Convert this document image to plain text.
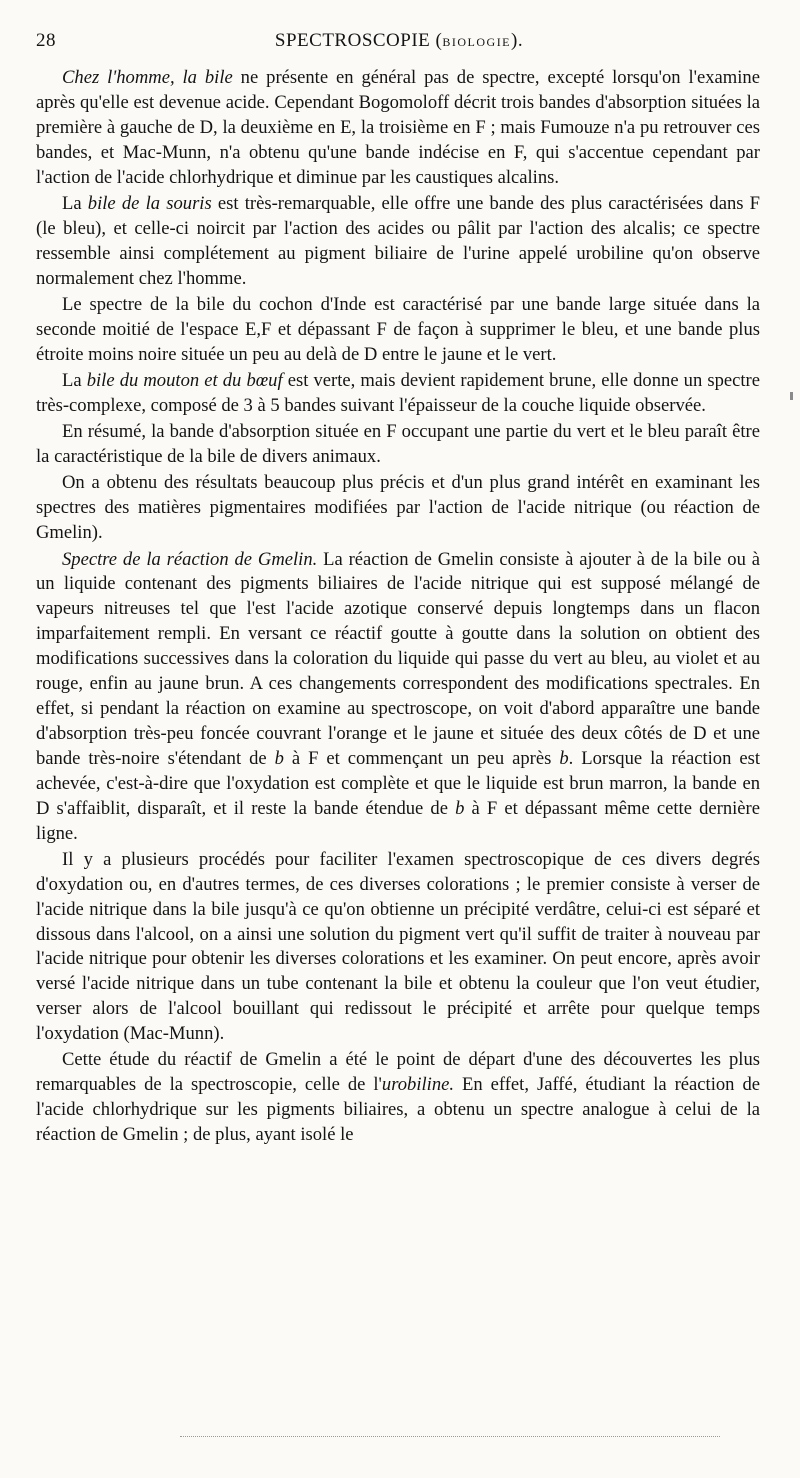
28	SPECTROSCOPIE (BIOLOGIE).

Chez l'homme, la bile ne présente en général pas de spectre, excepté lorsqu'on l'examine après qu'elle est devenue acide. Cependant Bogomoloff décrit trois bandes d'absorption situées la première à gauche de D, la deuxième en E, la troisième en F ; mais Fumouze n'a pu retrouver ces bandes, et Mac-Munn, n'a obtenu qu'une bande indécise en F, qui s'accentue cependant par l'action de l'acide chlorhydrique et diminue par les caustiques alcalins.

La bile de la souris est très-remarquable, elle offre une bande des plus caractérisées dans F (le bleu), et celle-ci noircit par l'action des acides ou pâlit par l'action des alcalis; ce spectre ressemble ainsi complétement au pigment biliaire de l'urine appelé urobiline qu'on observe normalement chez l'homme.

Le spectre de la bile du cochon d'Inde est caractérisé par une bande large située dans la seconde moitié de l'espace E,F et dépassant F de façon à supprimer le bleu, et une bande plus étroite moins noire située un peu au delà de D entre le jaune et le vert.

La bile du mouton et du bœuf est verte, mais devient rapidement brune, elle donne un spectre très-complexe, composé de 3 à 5 bandes suivant l'épaisseur de la couche liquide observée.

En résumé, la bande d'absorption située en F occupant une partie du vert et le bleu paraît être la caractéristique de la bile de divers animaux.

On a obtenu des résultats beaucoup plus précis et d'un plus grand intérêt en examinant les spectres des matières pigmentaires modifiées par l'action de l'acide nitrique (ou réaction de Gmelin).

Spectre de la réaction de Gmelin. La réaction de Gmelin consiste à ajouter à de la bile ou à un liquide contenant des pigments biliaires de l'acide nitrique qui est supposé mélangé de vapeurs nitreuses tel que l'est l'acide azotique conservé depuis longtemps dans un flacon imparfaitement rempli. En versant ce réactif goutte à goutte dans la solution on obtient des modifications successives dans la coloration du liquide qui passe du vert au bleu, au violet et au rouge, enfin au jaune brun. A ces changements correspondent des modifications spectrales. En effet, si pendant la réaction on examine au spectroscope, on voit d'abord apparaître une bande d'absorption très-peu foncée couvrant l'orange et le jaune et située des deux côtés de D et une bande très-noire s'étendant de b à F et commençant un peu après b. Lorsque la réaction est achevée, c'est-à-dire que l'oxydation est complète et que le liquide est brun marron, la bande en D s'affaiblit, disparaît, et il reste la bande étendue de b à F et dépassant même cette dernière ligne.

Il y a plusieurs procédés pour faciliter l'examen spectroscopique de ces divers degrés d'oxydation ou, en d'autres termes, de ces diverses colorations ; le premier consiste à verser de l'acide nitrique dans la bile jusqu'à ce qu'on obtienne un précipité verdâtre, celui-ci est séparé et dissous dans l'alcool, on a ainsi une solution du pigment vert qu'il suffit de traiter à nouveau par l'acide nitrique pour obtenir les diverses colorations et les examiner. On peut encore, après avoir versé l'acide nitrique dans un tube contenant la bile et obtenu la couleur que l'on veut étudier, verser alors de l'alcool bouillant qui redissout le précipité et arrête pour quelque temps l'oxydation (Mac-Munn).

Cette étude du réactif de Gmelin a été le point de départ d'une des découvertes les plus remarquables de la spectroscopie, celle de l'urobiline. En effet, Jaffé, étudiant la réaction de l'acide chlorhydrique sur les pigments biliaires, a obtenu un spectre analogue à celui de la réaction de Gmelin ; de plus, ayant isolé le
